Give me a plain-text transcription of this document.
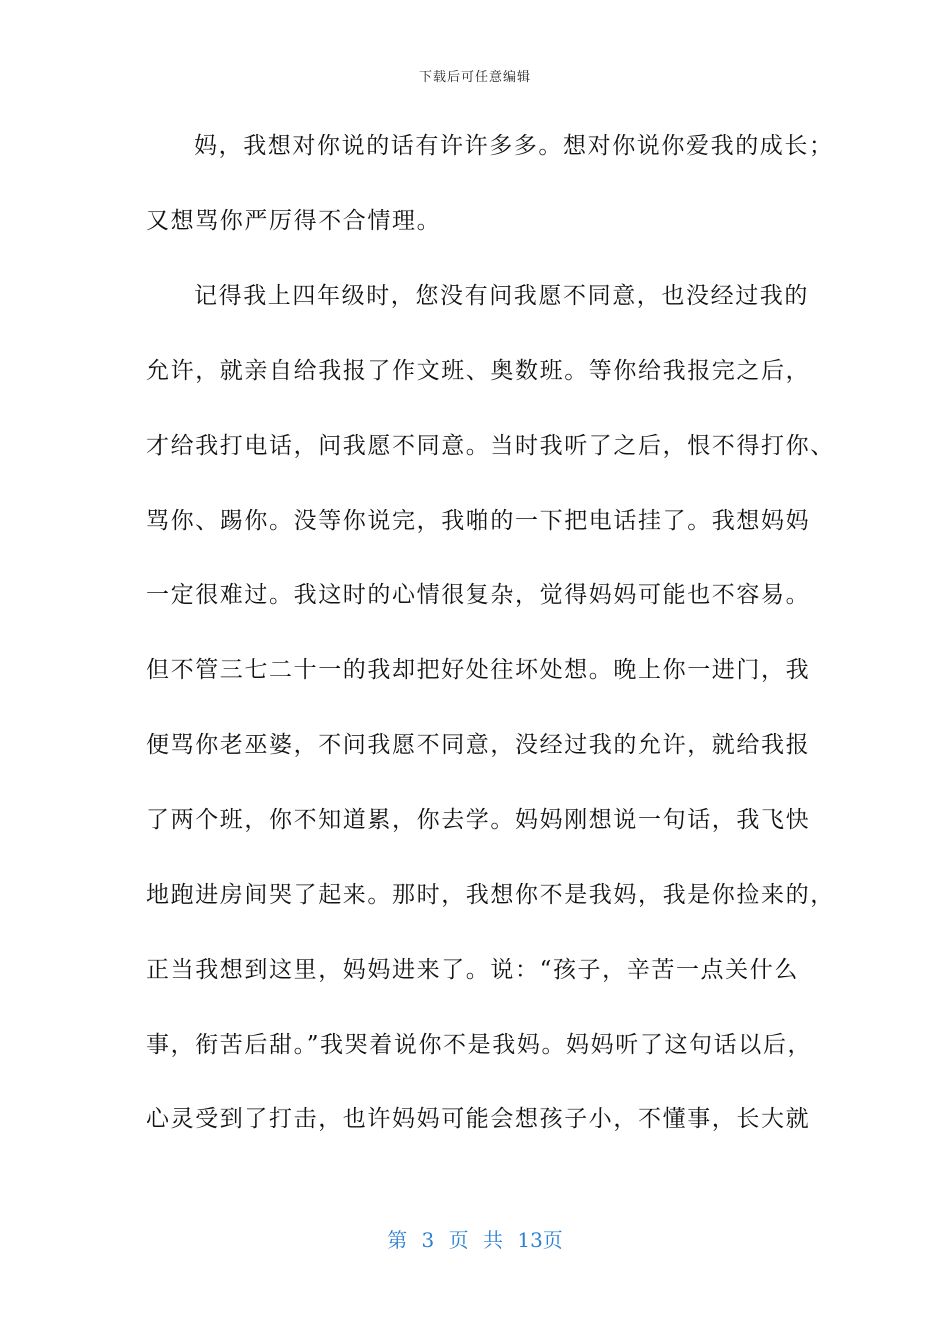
下载后可任意编辑
妈，我想对你说的话有许许多多。想对你说你爱我的成长；
又想骂你严厉得不合情理。
记得我上四年级时，您没有问我愿不同意，也没经过我的
允许，就亲自给我报了作文班、奥数班。等你给我报完之后，
才给我打电话，问我愿不同意。当时我听了之后，恨不得打你、
骂你、踢你。没等你说完，我啪的一下把电话挂了。我想妈妈
一定很难过。我这时的心情很复杂，觉得妈妈可能也不容易。
但不管三七二十一的我却把好处往坏处想。晚上你一进门，我
便骂你老巫婆，不问我愿不同意，没经过我的允许，就给我报
了两个班，你不知道累，你去学。妈妈刚想说一句话，我飞快
地跑进房间哭了起来。那时，我想你不是我妈，我是你捡来的，
正当我想到这里，妈妈进来了。说：“孩子，辛苦一点关什么
事，衔苦后甜。”我哭着说你不是我妈。妈妈听了这句话以后，
心灵受到了打击，也许妈妈可能会想孩子小，不懂事，长大就
第 3 页 共 13页
